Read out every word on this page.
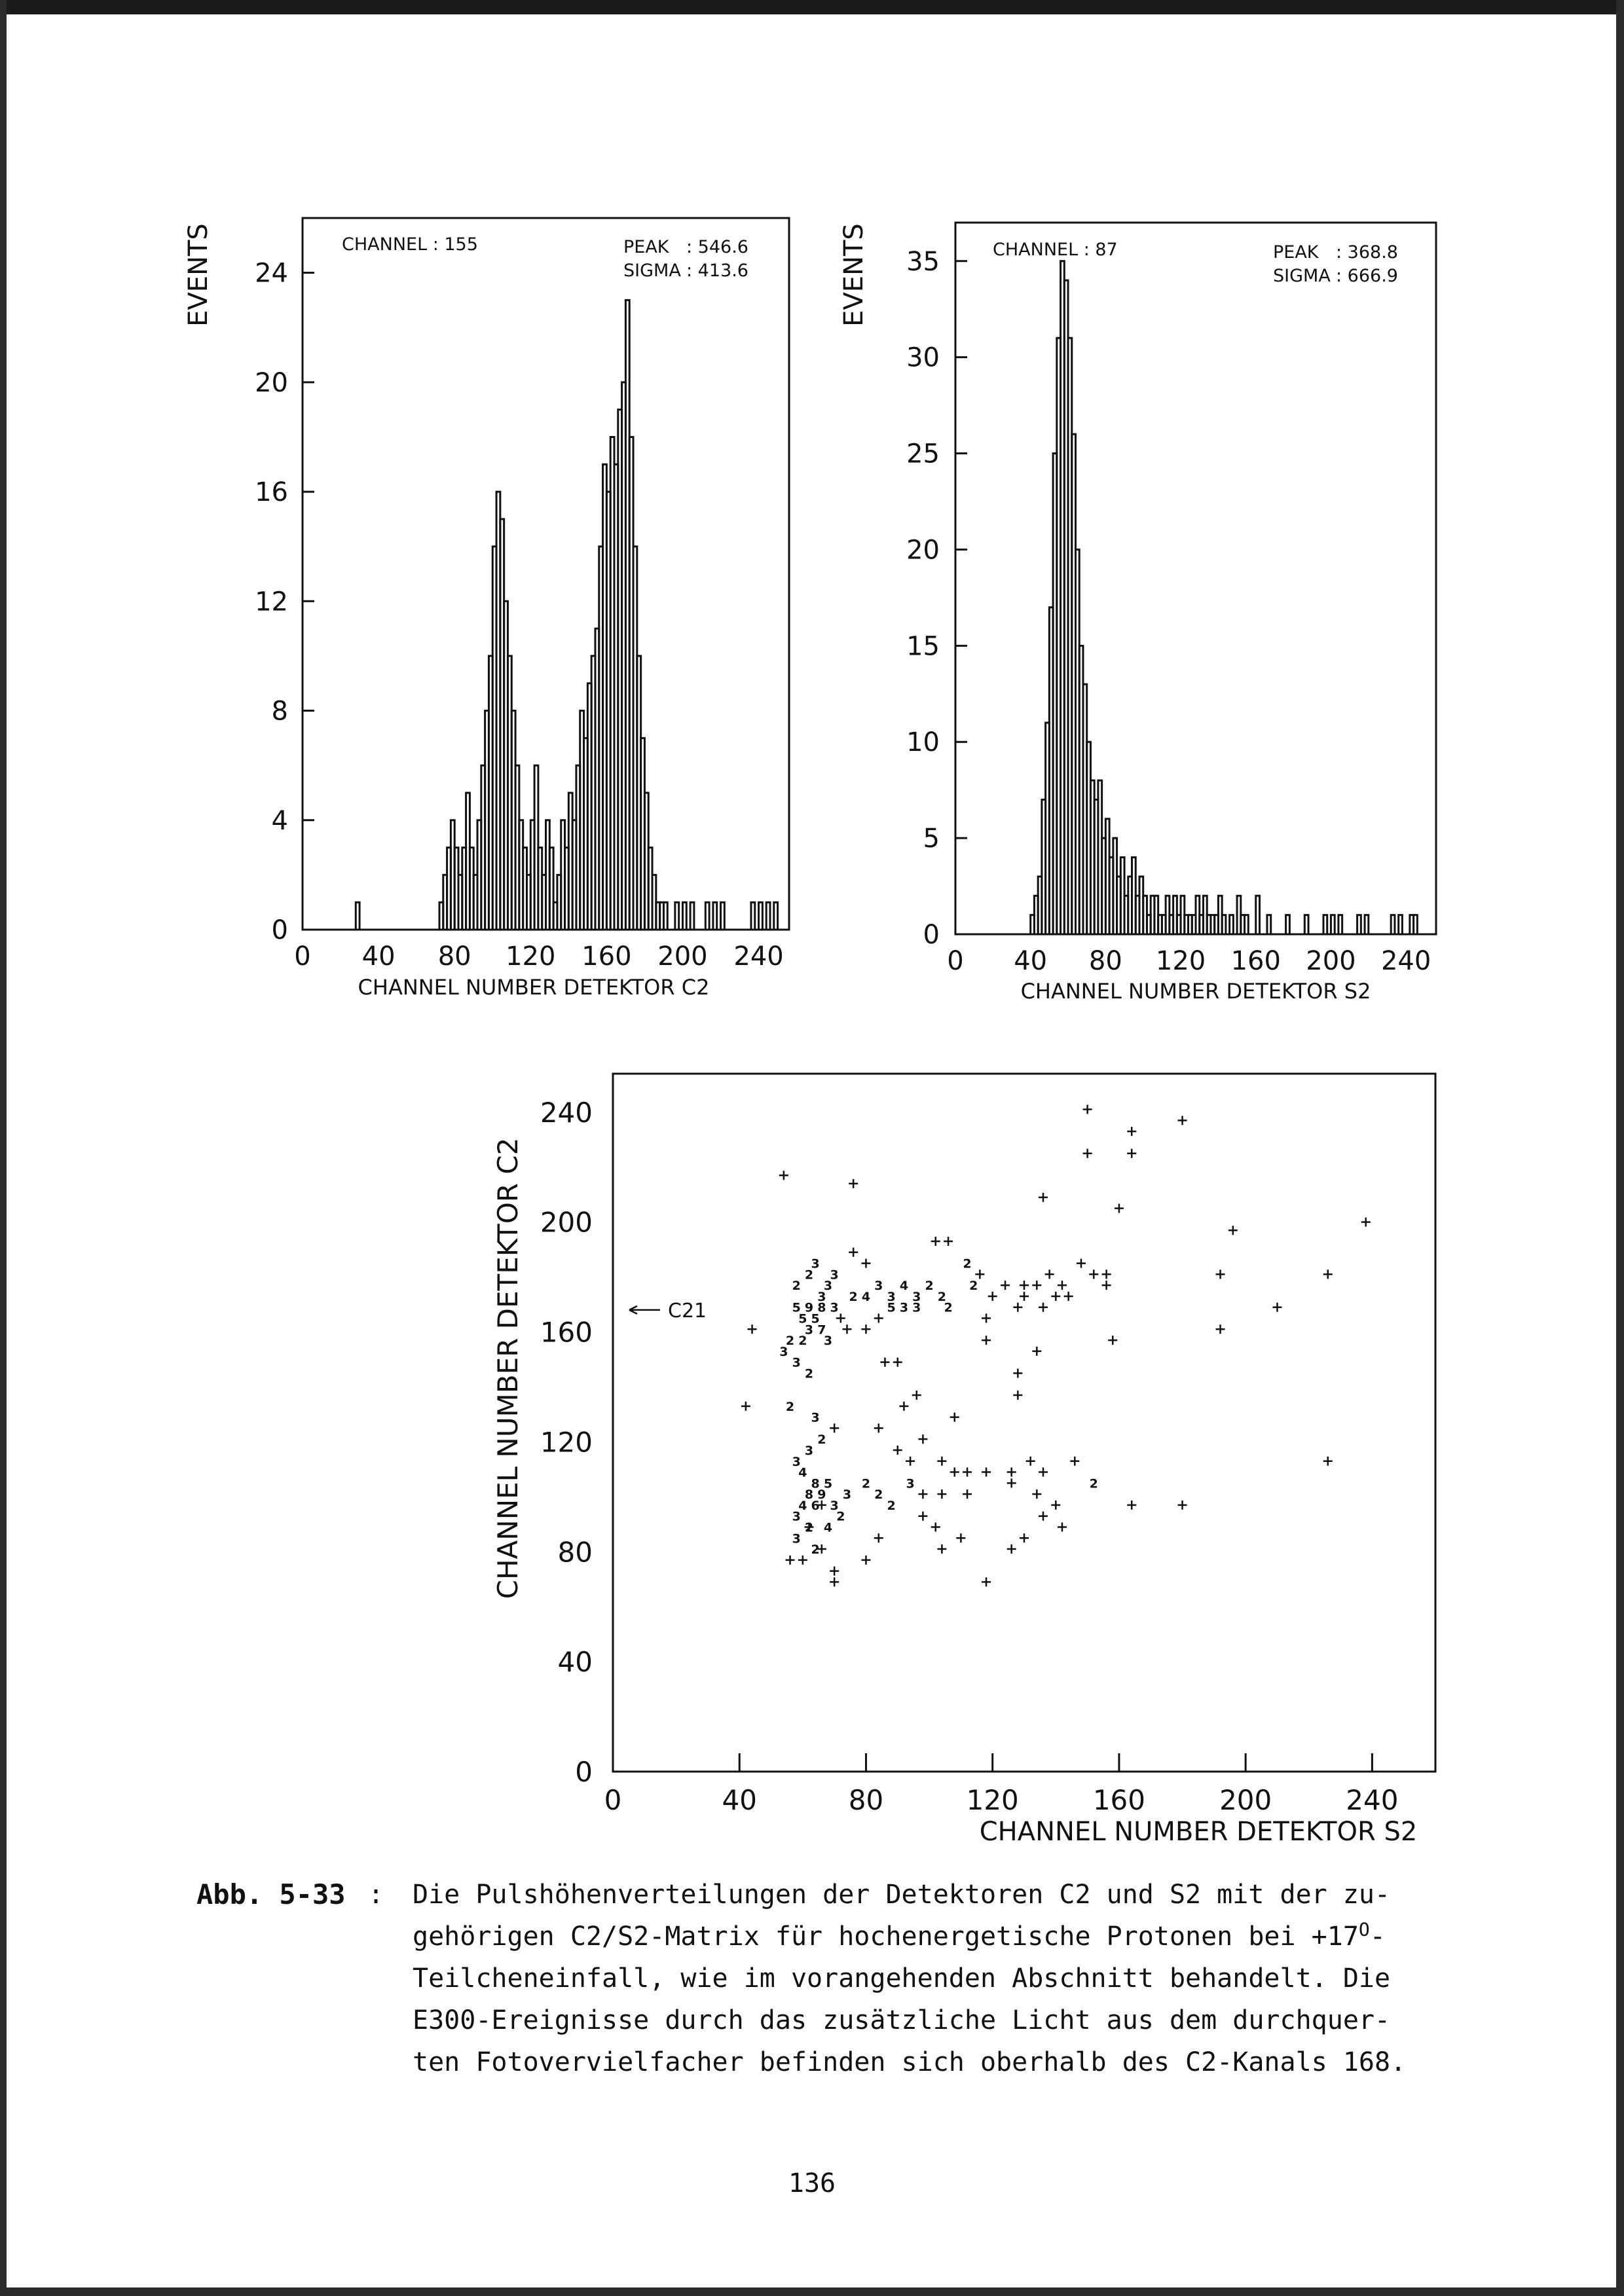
0
4
8
12
16
20
24
0 40 80 120 160 200 240
CHANNEL : 155	PEAK : 546.6
SIGMA : 413.6
CHANNEL NUMBER DETEKTOR C2
EVENTS
0
5
10
15
20
25
30
35
0 40 80 120 160 200 240
CHANNEL : 87	PEAK : 368.8
SIGMA : 666.9
CHANNEL NUMBER DETEKTOR S2
EVENTS
0
40
80
120
160
200
240
0	40	80	120	160	200	240
3
2
2
3
3
3
5 9 8
5 5
3
2 4
3
3
4
3
2
2
2
2
5 3 3 2
3 7
2 2 3
3
3
2
2
3
2
3
3
4
8 5
8 9
4 6 3
3
2
2
2
3
3
2 4
2
3
2
2
C21
CHANNEL NUMBER DETEKTOR S2
CHANNEL NUMBER DETEKTOR C2
Abb. 5-33 : Die Pulshöhenverteilungen der Detektoren C2 und S2 mit der zu-
gehörigen C2/S2-Matrix für hochenergetische Protonen bei $+17^O-$
Teilcheneinfall, wie im vorangehenden Abschnitt behandelt. Die
E300-Ereignisse durch das zusätzliche Licht aus dem durchquer-
ten Fotovervielfacher befinden sich oberhalb des C2-Kanals 168.
136
